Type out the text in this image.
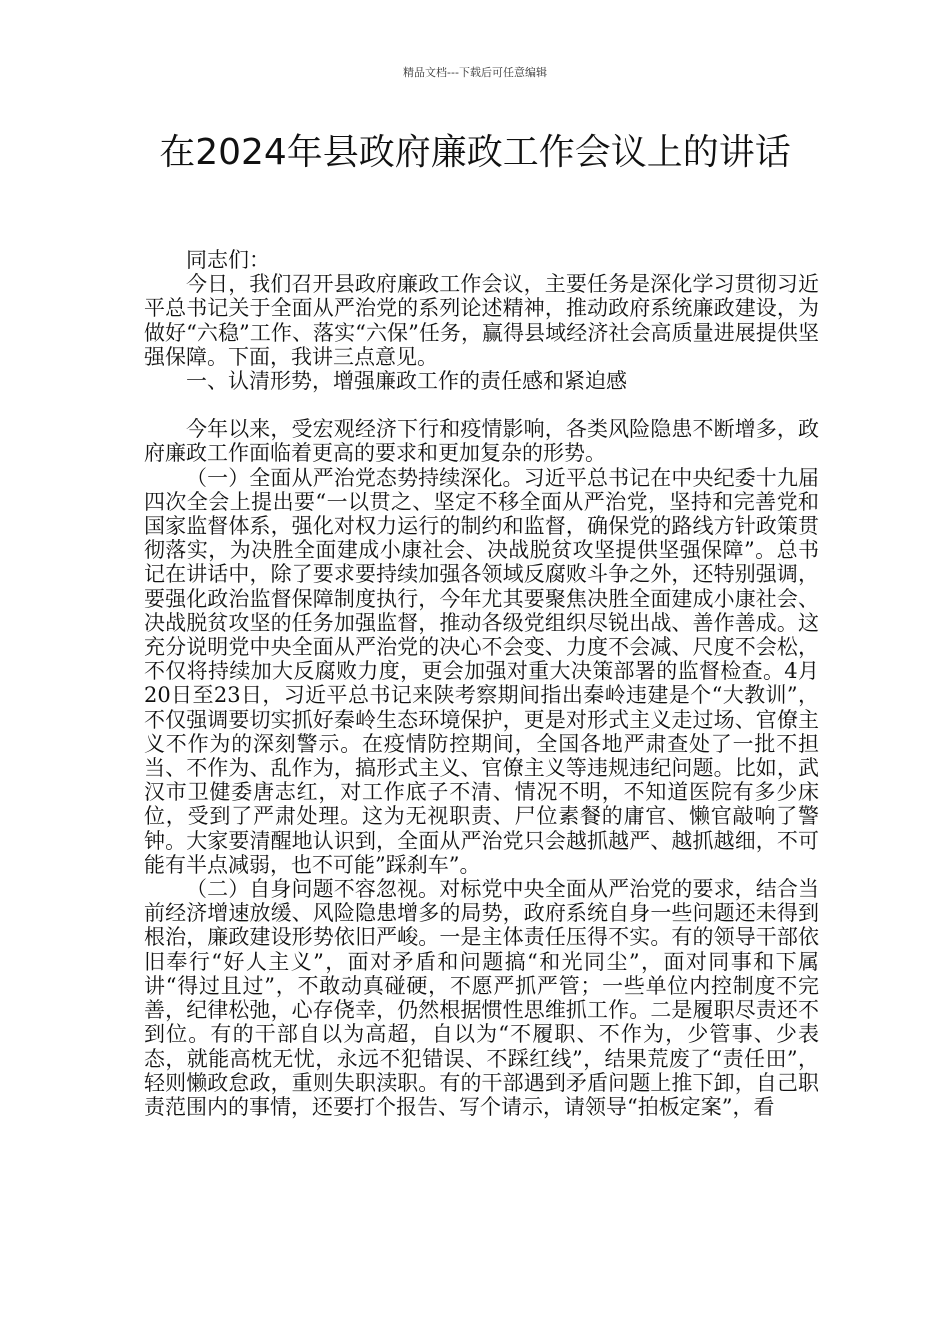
精品文档---下载后可任意编辑
在2024年县政府廉政工作会议上的讲话

同志们：

今日，我们召开县政府廉政工作会议，主要任务是深化学习贯彻习近平总书记关于全面从严治党的系列论述精神，推动政府系统廉政建设，为做好“六稳”工作、落实“六保”任务，赢得县域经济社会高质量进展提供坚强保障。下面，我讲三点意见。

一、认清形势，增强廉政工作的责任感和紧迫感

今年以来，受宏观经济下行和疫情影响，各类风险隐患不断增多，政府廉政工作面临着更高的要求和更加复杂的形势。

（一）全面从严治党态势持续深化。习近平总书记在中央纪委十九届四次全会上提出要“一以贯之、坚定不移全面从严治党，坚持和完善党和国家监督体系，强化对权力运行的制约和监督，确保党的路线方针政策贯彻落实，为决胜全面建成小康社会、决战脱贫攻坚提供坚强保障”。总书记在讲话中，除了要求要持续加强各领域反腐败斗争之外，还特别强调，要强化政治监督保障制度执行，今年尤其要聚焦决胜全面建成小康社会、决战脱贫攻坚的任务加强监督，推动各级党组织尽锐出战、善作善成。这充分说明党中央全面从严治党的决心不会变、力度不会减、尺度不会松，不仅将持续加大反腐败力度，更会加强对重大决策部署的监督检查。4月20日至23日，习近平总书记来陕考察期间指出秦岭违建是个“大教训”，不仅强调要切实抓好秦岭生态环境保护，更是对形式主义走过场、官僚主义不作为的深刻警示。在疫情防控期间，全国各地严肃查处了一批不担当、不作为、乱作为，搞形式主义、官僚主义等违规违纪问题。比如，武汉市卫健委唐志红，对工作底子不清、情况不明，不知道医院有多少床位，受到了严肃处理。这为无视职责、尸位素餐的庸官、懒官敲响了警钟。大家要清醒地认识到，全面从严治党只会越抓越严、越抓越细，不可能有半点减弱，也不可能”踩刹车”。

（二）自身问题不容忽视。对标党中央全面从严治党的要求，结合当前经济增速放缓、风险隐患增多的局势，政府系统自身一些问题还未得到根治，廉政建设形势依旧严峻。一是主体责任压得不实。有的领导干部依旧奉行“好人主义”，面对矛盾和问题搞“和光同尘”，面对同事和下属讲“得过且过”，不敢动真碰硬，不愿严抓严管；一些单位内控制度不完善，纪律松弛，心存侥幸，仍然根据惯性思维抓工作。二是履职尽责还不到位。有的干部自以为高超，自以为“不履职、不作为，少管事、少表态，就能高枕无忧，永远不犯错误、不踩红线”，结果荒废了“责任田”，轻则懒政怠政，重则失职渎职。有的干部遇到矛盾问题上推下卸，自己职责范围内的事情，还要打个报告、写个请示，请领导“拍板定案”，看
